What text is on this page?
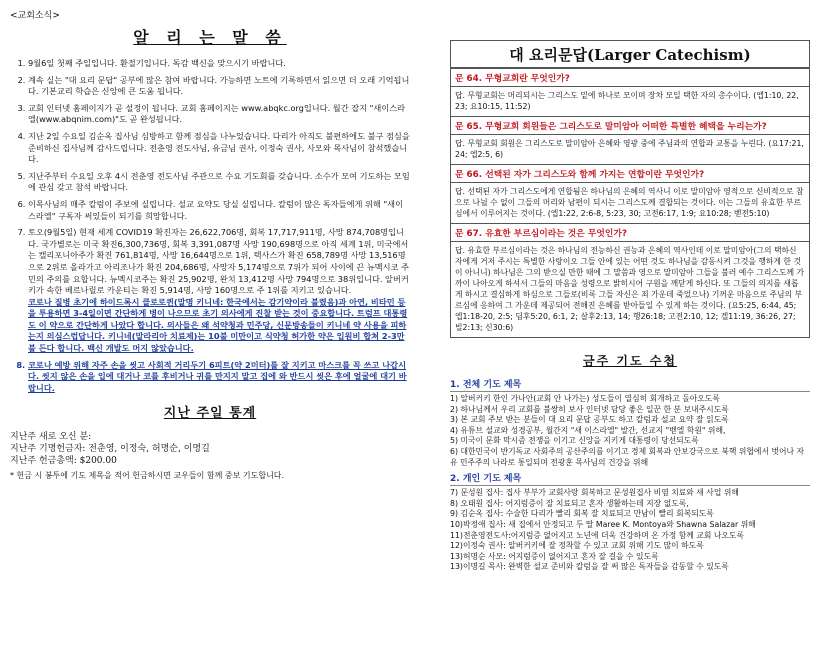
<교회소식>
알 리 는 말 씀
1. 9월6일 첫째 주일입니다. 환절기입니다. 독감 백신을 맞으시기 바랍니다.
2. 계속 실는 "대 요리 문답" 공부에 많은 참여 바랍니다. 가능하면 노트에 기록하면서 읽으면 더 오래 기억됩니다. 기본교리 학습은 신앙에 큰 도움 됩니다.
3. 교회 인터넷 홈페이지가 곧 설정이 됩니다. 교회 홈페이지는 www.abqkc.org입니다. 월간 잡지 "새이스라엘(www.abqnim.com)"도 곧 완성됩니다.
4. 지난 2일 수요일 김순옥 집사님 심방하고 함께 점심을 나누었습니다. 다리가 아직도 불편하에도 불구 점심을 준비하신 집사님께 감사드립니다. 전춘영 전도사님, 유금님 권사, 이정숙 권사, 사모와 목사님이 참석했습니다.
5. 지난주부터 수요일 오후 4시 전춘영 전도사님 주관으로 수요 기도회를 갖습니다. 소수가 모여 기도하는 모임에 관심 갖고 참석 바랍니다.
6. 이목사님의 매주 칼럼이 주보에 실립니다. 설교 요약도 당실 실립니다. 칼럼이 많은 독자들에게 위해 "새이스라엘" 구독자 써있들이 되기를 희망합니다.
7. 토오(9월5일) 현재 세계 COVID19 확진자는 26,622,706명, 회복 17,717,911명, 사망 874,708명입니다. 국가별로는 미국 확진6,300,736명, 회복 3,391,087명 사망 190,698명으로 아직 세계 1위, 미국에서는 캘리포니아주가 확진 761,814명, 사망 16,644명으로 1위, 텍사스가 확진 658,789명 사망 13,516명으로 2위로 올라가고 아리조나가 확진 204,686명, 사망자 5,174명으로 7위가 되어 사이에 끈 뉴멕시코 주민의 주의를 요합니다. 뉴멕시코주는 확진 25,902명, 완치 13,412명 사망 794명으로 38위입니다. 알버커키가 속한 베르나릴로 카운티는 확진 5,914명, 사망 160명으로 주 1위를 지키고 있습니다.
코로나 질병 초기에 하이드록시 클로로퀸(말명 키니네: 한국에서는 감기약이라 불렸음)과 아연, 비타민 등을 투용하면 3-4일이면 간단하게 병이 나으므로 초기 의사에게 진찰 받는 것이 중요합니다. 트럼프 대통령도 이 약으로 간단하게 나았다 합니다. 의사들은 왜 석약청과 민주당, 신문방송들이 키니네 약 사용을 피하는지 의심스럽답니다. 키니네(말라리아 치료제)는 10불 미만이고 식약청 허가한 약은 입원비 합쳐 2-3만 불 든다 합니다. 백신 개발도 머지 않았습니다.
8. 코로나 예방 위해 자주 손을 씻고 사회적 거리두기 6피트(약 2미터)를 잘 지키고 마스크를 꼭 쓰고 나갑시다. 씻지 않은 손을 입에 대거나 코를 후비거나 귀를 만지지 말고 집에 와 반드시 씻은 후에 얼굴에 대기 바랍니다.
지난 주일 통계
지난주 새로 오신 분:
지난주 기명헌금자: 전춘영, 이정숙, 허명순, 이명길
지난주 헌금총액: $200.00
* 헌금 시 봉투에 기도 제목을 적어 헌금하시면 교우들이 함께 중보 기도합니다.
대 요리문답(Larger Catechism)
문 64. 무형교회란 무엇인가?
답. 무형교회는 머리되시는 그리스도 밑에 하나로 모이며 장차 모일 택한 자의 총수이다. (엡1:10, 22, 23; 요10:15, 11:52)
문 65. 무형교회 회원들은 그리스도로 말미암아 어떠한 특별한 혜택을 누리는가?
답. 무형교회 회원은 그리스도로 말미암아 은혜와 영광 중에 주님과의 연합과 교통을 누린다. (요17:21, 24; 엡2:5, 6)
문 66. 선택된 자가 그리스도와 함께 가지는 연합이란 무엇인가?
답. 선택된 자가 그리스도에게 연합됨은 하나님의 은혜의 역사니 이로 말미암아 영적으로 신비적으로 참으로 나뉠 수 없이 그들의 머리와 남편이 되시는 그리스도께 결합되는 것이다. 이는 그들의 유효한 부르심에서 이루어지는 것이다. (엡1:22, 2:6-8, 5:23, 30; 고전6:17, 1:9; 요10:28; 벧전5:10)
문 67. 유효한 부르심이라는 것은 무엇인가?
답. 유효한 부르심이라는 것은 하나님의 전능하신 권능과 은혜의 역사인데 이로 말미암아(그의 택하신 자에게 거저 주시는 특별한 사랑이오 그들 안에 있는 어떤 것도 하나님을 감동시켜 그것을 행하게 한 것이 아니니) 하나님은 그의 받으실 만한 때에 그 말씀과 영으로 말미암아 그들을 불러 예수 그리스도께 가까이 나아오게 하셔서 그들의 마음을 성령으로 밝히시어 구원을 깨닫게 하신다. 또 그들의 의지를 새롭게 하시고 결심하게 하심으로 그들로(비록 그들 자신은 죄 가운데 죽었으나) 기꺼운 마음으로 주님의 부르심에 응하여 그 가운데 제공되어 전해진 은혜를 받아들일 수 있게 하는 것이다. (요5:25, 6:44, 45; 엡1:18-20, 2:5; 딤후5:20, 6:1, 2; 살후2:13, 14; 행26:18; 고전2:10, 12; 겔11:19, 36:26, 27; 빌2:13; 신30:6)
금주 기도 수첩
1. 전체 기도 제목
1) 알버커키 한인 가나안(교회 안 나가는) 성도들이 열심히 회개하고 돌아오도록
2) 하나님께서 우리 교회를 불쌍히 보사 인터넷 담당 좋은 일꾼 한 분 보내주시도록
3) 본 교회 주보 받는 분들이 대 요리 문답 공부도 하고 칼럼과 설교 요약 잘 읽도록
4) 유튜브 설교와 성경공부, 월간지 "새 이스라엘" 발간, 선교지 "벧엘 학원" 위해,
5) 미국이 문화 막시즘 전쟁을 이기고 신앙을 지키게 대통령이 당선되도록
6) 대한민국이 반기독교 사회주의 공산주의를 이기고 경제 회복과 안보강국으로 북핵 위협에서 벗어나 자유 민주주의 나라로 통일되며 전광훈 목사님의 건강을 위해
2. 개인 기도 제목
7) 문성원 집사: 집사 부부가 교회사랑 회복하고 문성원집사 비염 치료와 새 사업 위해
8) 오태원 집사: 어지럼증이 잘 치료되고 혼자 생활하는데 지장 없도록,
9) 김순옥 집사: 수술한 다리가 빨리 회복 잘 치료되고 만남이 빨리 회복되도록
10)박정애 집사: 새 집에서 안정되고 두 딸 Maree K. Montoya와 Shawna Salazar 위해
11)전춘영전도사:어지럼증 없어지고 노년에 더욱 건강하며 온 가정 함께 교회 나오도록
12)이정숙 권사: 알버커키에 잘 정착할 수 있고 교회 위해 기도 많이 하도록
13)허명순 사모: 어지럼증이 없어지고 혼자 잘 걸을 수 있도록
13)이명길 목사: 완벽한 설교 준비와 칼럼을 잘 써 많은 독자들을 감동할 수 있도록
